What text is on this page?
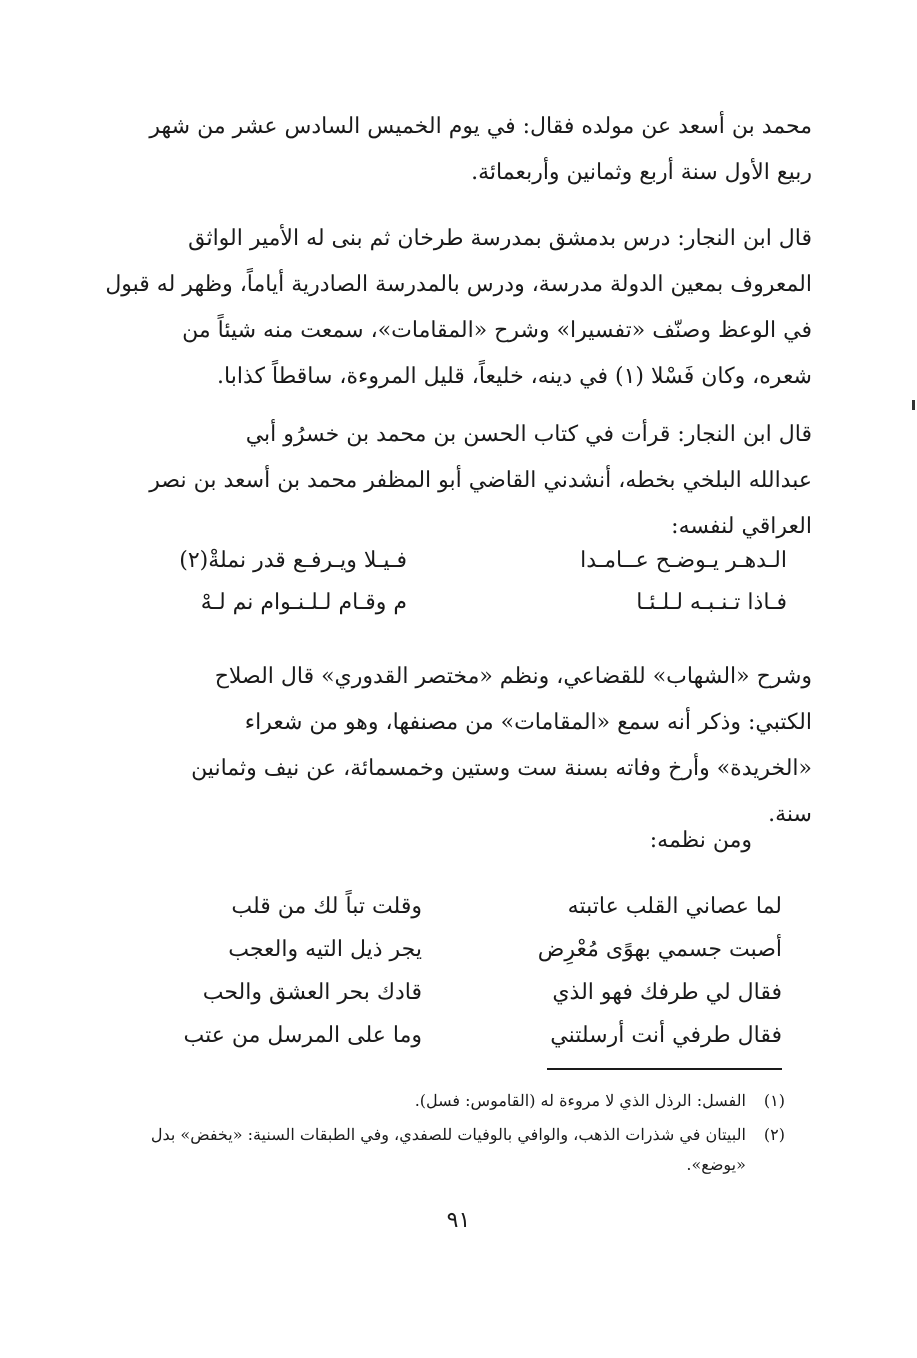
محمد بن أسعد عن مولده فقال: في يوم الخميس السادس عشر من شهر
ربيع الأول سنة أربع وثمانين وأربعمائة.
قال ابن النجار: درس بدمشق بمدرسة طرخان ثم بنى له الأمير الواثق
المعروف بمعين الدولة مدرسة، ودرس بالمدرسة الصادرية أياماً، وظهر له قبول
في الوعظ وصنّف «تفسيرا» وشرح «المقامات»، سمعت منه شيئاً من
شعره، وكان فَسْلا (١) في دينه، خليعاً، قليل المروءة، ساقطاً كذابا.
قال ابن النجار: قرأت في كتاب الحسن بن محمد بن خسرُو أبي
عبدالله البلخي بخطه، أنشدني القاضي أبو المظفر محمد بن أسعد بن نصر
العراقي لنفسه:
الـدهـر يـوضـح عــامـدا
فـيـلا ويـرفـع قدر نملةْ(٢)
فـاذا تـنـبـه لـلـئـا
م وقـام لـلـنـوام نم لـهْ
وشرح «الشهاب» للقضاعي، ونظم «مختصر القدوري» قال الصلاح
الكتبي: وذكر أنه سمع «المقامات» من مصنفها، وهو من شعراء
«الخريدة» وأرخ وفاته بسنة ست وستين وخمسمائة، عن نيف وثمانين
سنة.
ومن نظمه:
لما عصاني القلب عاتبته
وقلت تباً لك من قلب
أصبت جسمي بهوًى مُعْرِض
يجر ذيل التيه والعجب
فقال لي طرفك فهو الذي
قادك بحر العشق والحب
فقال طرفي أنت أرسلتني
وما على المرسل من عتب
(١)
الفسل: الرذل الذي لا مروءة له (القاموس: فسل).
(٢)
البيتان في شذرات الذهب، والوافي بالوفيات للصفدي، وفي الطبقات السنية: «يخفض» بدل «يوضع».
٩١
